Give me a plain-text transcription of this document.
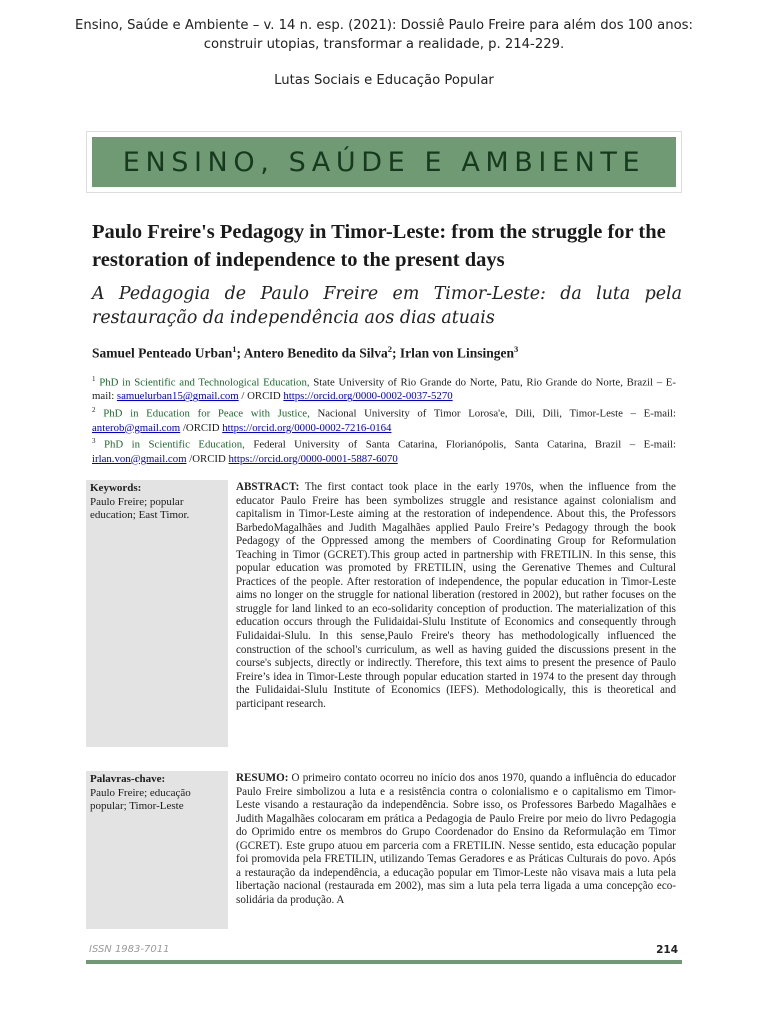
Ensino, Saúde e Ambiente – v. 14 n. esp. (2021): Dossiê Paulo Freire para além dos 100 anos:
construir utopias, transformar a realidade, p. 214-229.
Lutas Sociais e Educação Popular
ENSINO, SAÚDE E AMBIENTE
Paulo Freire's Pedagogy in Timor-Leste: from the struggle for the restoration of independence to the present days
A Pedagogia de Paulo Freire em Timor-Leste: da luta pela restauração da independência aos dias atuais
Samuel Penteado Urban$^1$; Antero Benedito da Silva$^2$; Irlan von Linsingen$^3$

$^1$ PhD in Scientific and Technological Education, State University of Rio Grande do Norte, Patu, Rio Grande do Norte, Brazil – E-mail: samuelurban15@gmail.com / ORCID https://orcid.org/0000-0002-0037-5270

$^2$ PhD in Education for Peace with Justice, Nacional University of Timor Lorosa'e, Dili, Dili, Timor-Leste – E-mail: anterob@gmail.com /ORCID https://orcid.org/0000-0002-7216-0164

$^3$ PhD in Scientific Education, Federal University of Santa Catarina, Florianópolis, Santa Catarina, Brazil – E-mail: irlan.von@gmail.com /ORCID https://orcid.org/0000-0001-5887-6070

Keywords:
Paulo Freire; popular education; East Timor.
ABSTRACT: The first contact took place in the early 1970s, when the influence from the educator Paulo Freire has been symbolizes struggle and resistance against colonialism and capitalism in Timor-Leste aiming at the restoration of independence. About this, the Professors BarbedoMagalhães and Judith Magalhães applied Paulo Freire’s Pedagogy through the book Pedagogy of the Oppressed among the members of Coordinating Group for Reformulation Teaching in Timor (GCRET).This group acted in partnership with FRETILIN. In this sense, this popular education was promoted by FRETILIN, using the Gerenative Themes and Cultural Practices of the people. After restoration of independence, the popular education in Timor-Leste aims no longer on the struggle for national liberation (restored in 2002), but rather focuses on the struggle for land linked to an eco-solidarity conception of production. The materialization of this education occurs through the Fulidaidai-Slulu Institute of Economics and consequently through Fulidaidai-Slulu. In this sense,Paulo Freire's theory has methodologically influenced the construction of the school's curriculum, as well as having guided the discussions present in the course's subjects, directly or indirectly. Therefore, this text aims to present the presence of Paulo Freire’s idea in Timor-Leste through popular education started in 1974 to the present day through the Fulidaidai-Slulu Institute of Economics (IEFS). Methodologically, this is theoretical and participant research.
Palavras-chave:
Paulo Freire; educação popular; Timor-Leste
RESUMO: O primeiro contato ocorreu no início dos anos 1970, quando a influência do educador Paulo Freire simbolizou a luta e a resistência contra o colonialismo e o capitalismo em Timor-Leste visando a restauração da independência. Sobre isso, os Professores Barbedo Magalhães e Judith Magalhães colocaram em prática a Pedagogia de Paulo Freire por meio do livro Pedagogia do Oprimido entre os membros do Grupo Coordenador do Ensino da Reformulação em Timor (GCRET). Este grupo atuou em parceria com a FRETILIN. Nesse sentido, esta educação popular foi promovida pela FRETILIN, utilizando Temas Geradores e as Práticas Culturais do povo. Após a restauração da independência, a educação popular em Timor-Leste não visava mais a luta pela libertação nacional (restaurada em 2002), mas sim a luta pela terra ligada a uma concepção eco-solidária da produção. A
ISSN 1983-7011	214
